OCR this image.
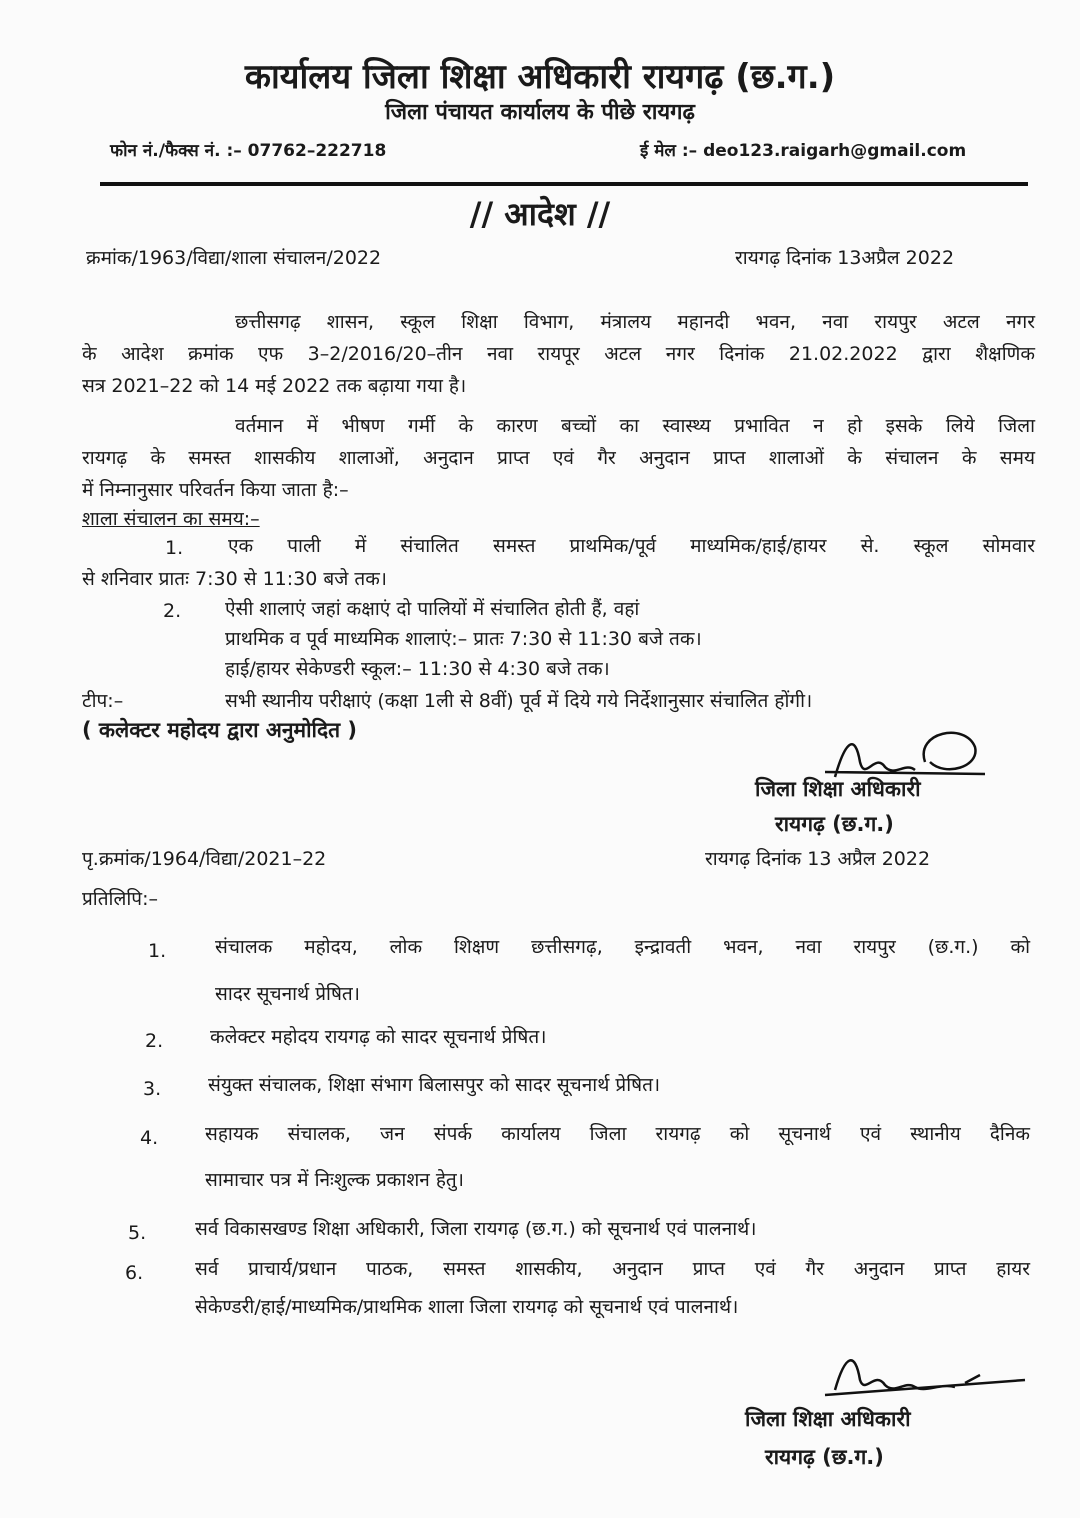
कार्यालय जिला शिक्षा अधिकारी रायगढ़ (छ.ग.)
जिला पंचायत कार्यालय के पीछे रायगढ़
फोन नं./फैक्स नं. :– 07762–222718	ई मेल :– deo123.raigarh@gmail.com
// आदेश //
क्रमांक/1963/विद्या/शाला संचालन/2022	रायगढ़ दिनांक 13अप्रैल 2022
छत्तीसगढ़ शासन, स्कूल शिक्षा विभाग, मंत्रालय महानदी भवन, नवा रायपुर अटल नगर
के आदेश क्रमांक एफ 3–2/2016/20–तीन नवा रायपूर अटल नगर दिनांक 21.02.2022 द्वारा शैक्षणिक
सत्र 2021–22 को 14 मई 2022 तक बढ़ाया गया है।
वर्तमान में भीषण गर्मी के कारण बच्चों का स्वास्थ्य प्रभावित न हो इसके लिये जिला
रायगढ़ के समस्त शासकीय शालाओं, अनुदान प्राप्त एवं गैर अनुदान प्राप्त शालाओं के संचालन के समय
में निम्नानुसार परिवर्तन किया जाता है:–
शाला संचालन का समय:–
1. एक पाली में संचालित समस्त प्राथमिक/पूर्व माध्यमिक/हाई/हायर से. स्कूल सोमवार
से शनिवार प्रातः 7:30 से 11:30 बजे तक।
2. ऐसी शालाएं जहां कक्षाएं दो पालियों में संचालित होती हैं, वहां
प्राथमिक व पूर्व माध्यमिक शालाएं:– प्रातः 7:30 से 11:30 बजे तक।
हाई/हायर सेकेण्डरी स्कूल:– 11:30 से 4:30 बजे तक।
टीप:–	सभी स्थानीय परीक्षाएं (कक्षा 1ली से 8वीं) पूर्व में दिये गये निर्देशानुसार संचालित होंगी।
( कलेक्टर महोदय द्वारा अनुमोदित )
जिला शिक्षा अधिकारी
रायगढ़ (छ.ग.)
पृ.क्रमांक/1964/विद्या/2021–22	रायगढ़ दिनांक 13 अप्रैल 2022
प्रतिलिपि:–
1.	संचालक महोदय, लोक शिक्षण छत्तीसगढ़, इन्द्रावती भवन, नवा रायपुर (छ.ग.) को
सादर सूचनार्थ प्रेषित।
2. कलेक्टर महोदय रायगढ़ को सादर सूचनार्थ प्रेषित।
3. संयुक्त संचालक, शिक्षा संभाग बिलासपुर को सादर सूचनार्थ प्रेषित।
4. सहायक संचालक, जन संपर्क कार्यालय जिला रायगढ़ को सूचनार्थ एवं स्थानीय दैनिक
सामाचार पत्र में निःशुल्क प्रकाशन हेतु।
5.	सर्व विकासखण्ड शिक्षा अधिकारी, जिला रायगढ़ (छ.ग.) को सूचनार्थ एवं पालनार्थ।
6.	सर्व प्राचार्य/प्रधान पाठक, समस्त शासकीय, अनुदान प्राप्त एवं गैर अनुदान प्राप्त हायर
सेकेण्डरी/हाई/माध्यमिक/प्राथमिक शाला जिला रायगढ़ को सूचनार्थ एवं पालनार्थ।
जिला शिक्षा अधिकारी
रायगढ़ (छ.ग.)
